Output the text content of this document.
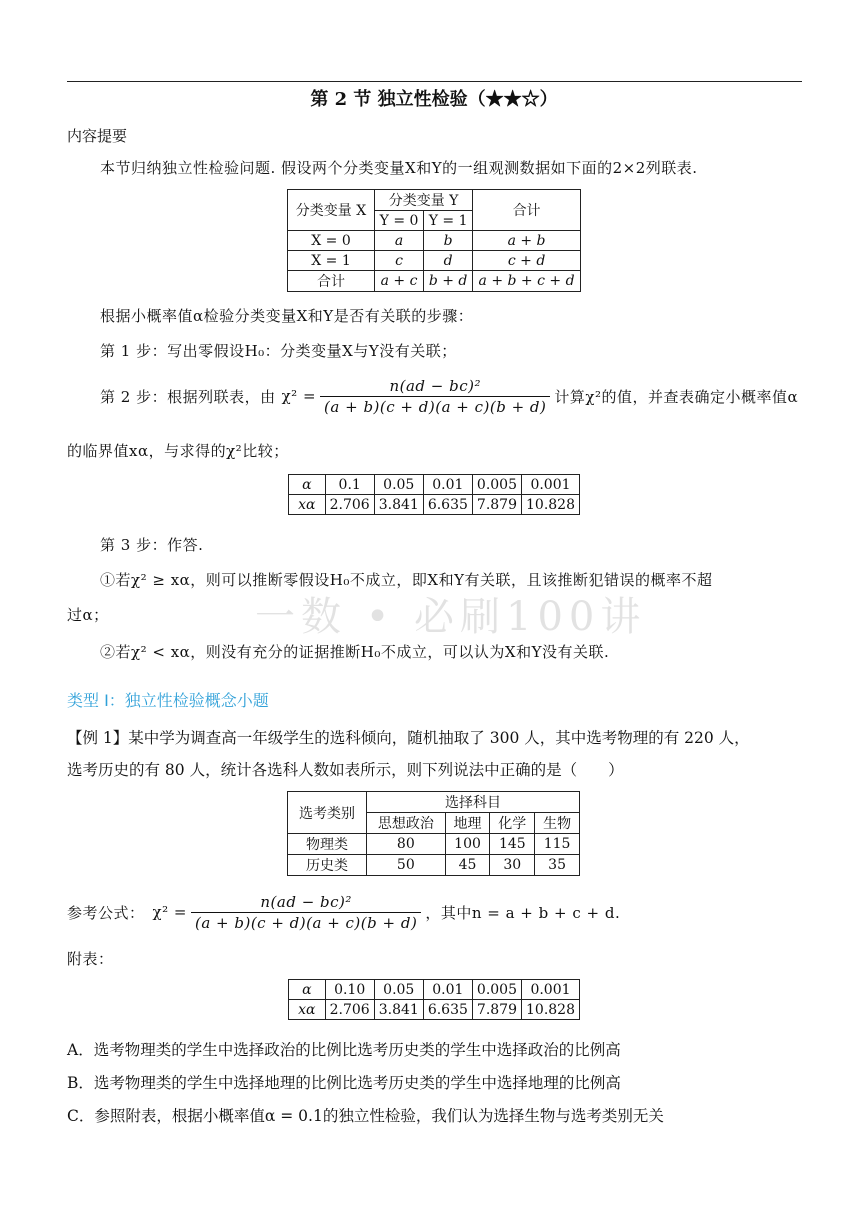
第 2 节 独立性检验（★★☆）
内容提要
本节归纳独立性检验问题. 假设两个分类变量X和Y的一组观测数据如下面的2×2列联表.
分类变量 X	分类变量 Y		合计
	Y = 0	Y = 1	
X = 0	a	b	a + b
X = 1	c	d	c + d
合计	a + c	b + d	a + b + c + d
根据小概率值α检验分类变量X和Y是否有关联的步骤：
第 1 步：写出零假设H₀：分类变量X与Y没有关联；
第 2 步：根据列联表，由 $\chi^2 = \frac{\text{n(ad − bc)²}}{(a + b)(c + d)(a + c)(b + d)}$ 计算χ²的值，并查表确定小概率值α
的临界值xα，与求得的χ²比较；
α	0.1	0.05	0.01	0.005	0.001
xα	2.706	3.841	6.635	7.879	10.828
第 3 步：作答.
一数 • 必刷100讲
①若χ² ≥ xα，则可以推断零假设H₀不成立，即X和Y有关联，且该推断犯错误的概率不超
过α；
②若χ² < xα，则没有充分的证据推断H₀不成立，可以认为X和Y没有关联.
类型 I：独立性检验概念小题
【例 1】某中学为调查高一年级学生的选科倾向，随机抽取了 300 人，其中选考物理的有 220 人，
选考历史的有 80 人，统计各选科人数如表所示，则下列说法中正确的是（　　）
选考类别	选择科目			
	思想政治	地理	化学	生物
物理类	80	100	145	115
历史类	50	45	30	35
参考公式： $\chi^2 = \frac{\text{n(ad − bc)²}}{(a + b)(c + d)(a + c)(b + d)}$ ，其中n = a + b + c + d.
附表：
α	0.10	0.05	0.01	0.005	0.001
xα	2.706	3.841	6.635	7.879	10.828
A．选考物理类的学生中选择政治的比例比选考历史类的学生中选择政治的比例高
B．选考物理类的学生中选择地理的比例比选考历史类的学生中选择地理的比例高
C．参照附表，根据小概率值α = 0.1的独立性检验，我们认为选择生物与选考类别无关
